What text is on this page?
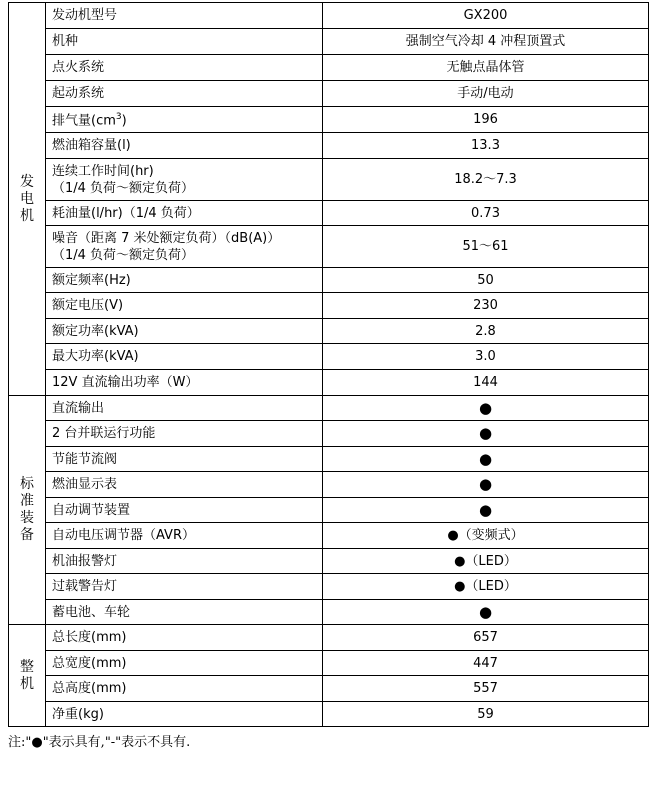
发
电
机	发动机型号	GX200
	机种	强制空气冷却 4 冲程顶置式
	点火系统	无触点晶体管
	起动系统	手动/电动
	排气量$(cm^3)$	196
	燃油箱容量(l)	13.3

	连续工作时间(hr)
（1/4 负荷～额定负荷）	18.2～7.3
	耗油量(l/hr)（1/4 负荷）	0.73

	噪音（距离 7 米处额定负荷）（dB(A)）
（1/4 负荷～额定负荷）	51～61
	额定频率(Hz)	50
	额定电压(V)	230
	额定功率(kVA)	2.8
	最大功率(kVA)	3.0
	12V 直流输出功率（W）	144

标
准
装
备	直流输出	●
	2 台并联运行功能	●
	节能节流阀	●
	燃油显示表	●
	自动调节装置	●
	自动电压调节器（AVR）	●（变频式）
	机油报警灯	●（LED）
	过载警告灯	●（LED）
	蓄电池、车轮	●

整
机	总长度(mm)	657
	总宽度(mm)	447
	总高度(mm)	557
	净重(kg)	59
注:"●"表示具有,"-"表示不具有.
